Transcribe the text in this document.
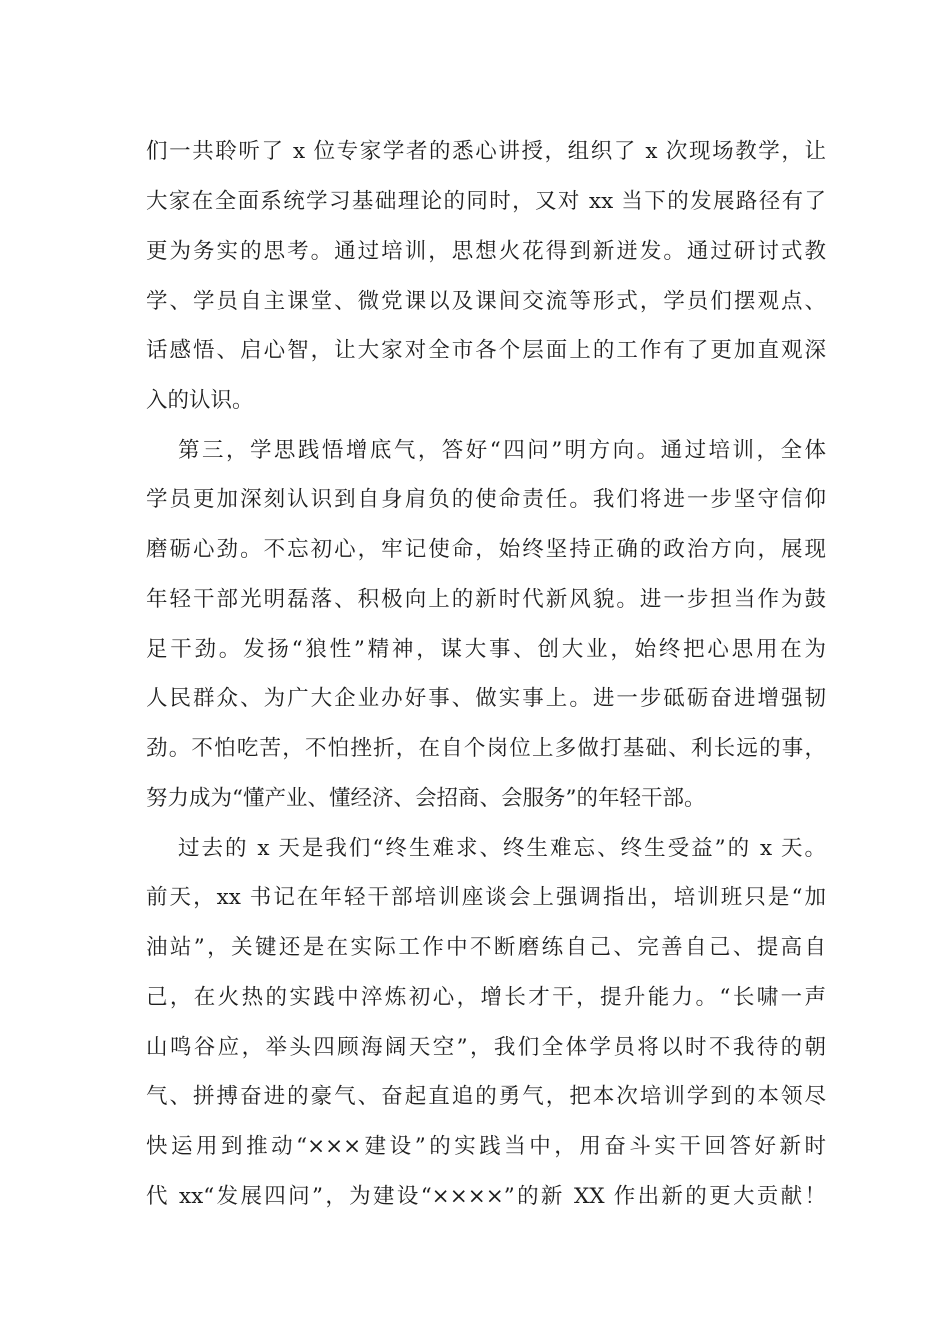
们一共聆听了 x 位专家学者的悉心讲授，组织了 x 次现场教学，让
大家在全面系统学习基础理论的同时，又对 xx 当下的发展路径有了
更为务实的思考。通过培训，思想火花得到新迸发。通过研讨式教
学、学员自主课堂、微党课以及课间交流等形式，学员们摆观点、
话感悟、启心智，让大家对全市各个层面上的工作有了更加直观深
入的认识。
第三，学思践悟增底气，答好“四问”明方向。通过培训，全体
学员更加深刻认识到自身肩负的使命责任。我们将进一步坚守信仰
磨砺心劲。不忘初心，牢记使命，始终坚持正确的政治方向，展现
年轻干部光明磊落、积极向上的新时代新风貌。进一步担当作为鼓
足干劲。发扬“狼性”精神，谋大事、创大业，始终把心思用在为
人民群众、为广大企业办好事、做实事上。进一步砥砺奋进增强韧
劲。不怕吃苦，不怕挫折，在自个岗位上多做打基础、利长远的事，
努力成为“懂产业、懂经济、会招商、会服务”的年轻干部。
过去的 x 天是我们“终生难求、终生难忘、终生受益”的 x 天。
前天，xx 书记在年轻干部培训座谈会上强调指出，培训班只是“加
油站”，关键还是在实际工作中不断磨练自己、完善自己、提高自
己，在火热的实践中淬炼初心，增长才干，提升能力。“长啸一声
山鸣谷应，举头四顾海阔天空”，我们全体学员将以时不我待的朝
气、拼搏奋进的豪气、奋起直追的勇气，把本次培训学到的本领尽
快运用到推动“×××建设”的实践当中，用奋斗实干回答好新时
代 xx“发展四问”，为建设“××××”的新 XX 作出新的更大贡献！
